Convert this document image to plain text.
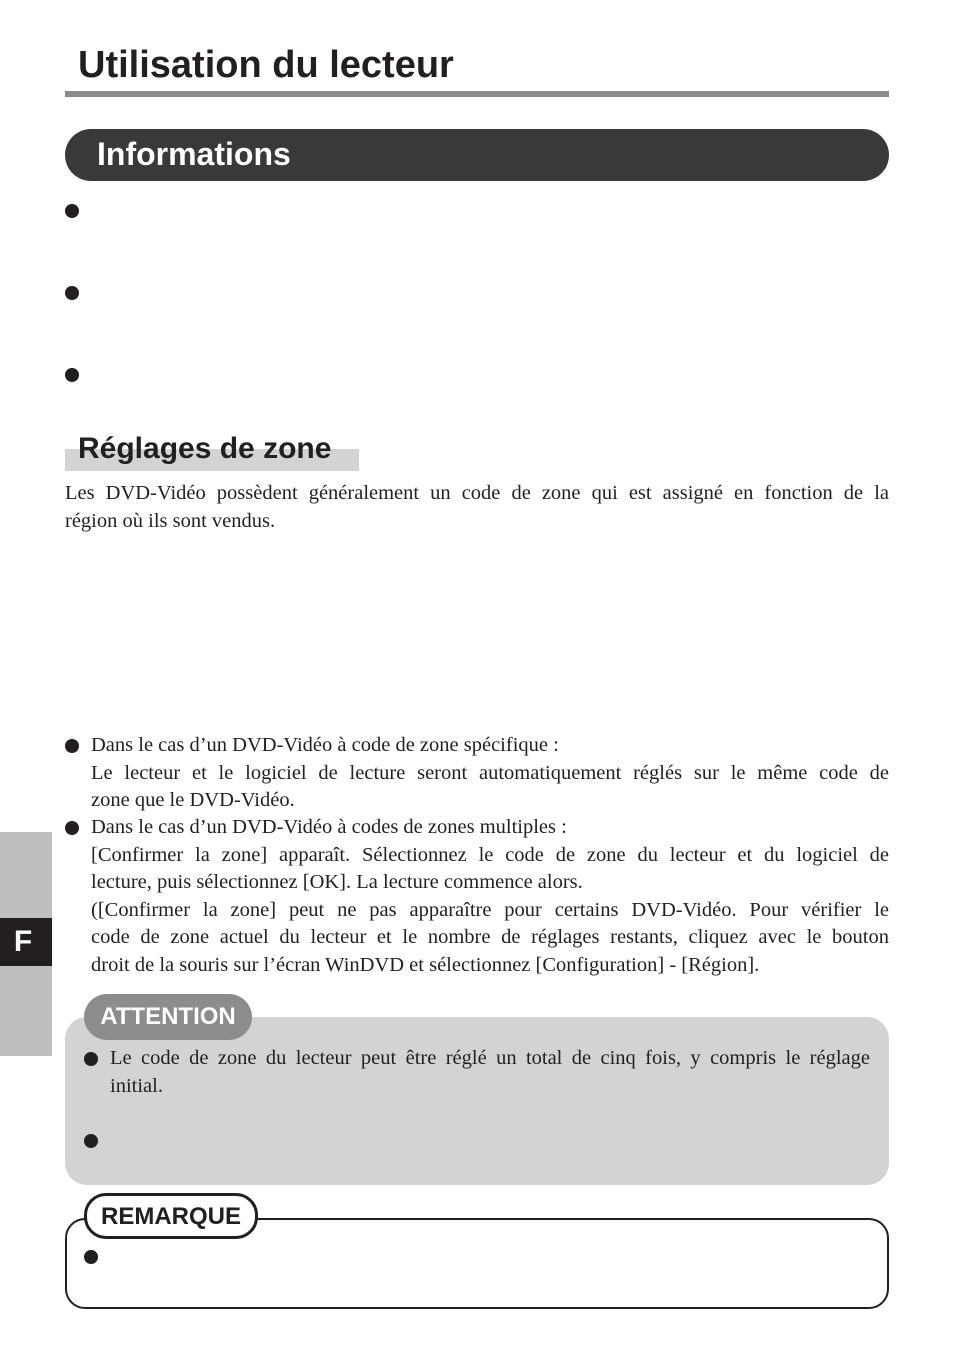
Utilisation du lecteur
Informations
Réglages de zone
Les DVD-Vidéo possèdent généralement un code de zone qui est assigné en fonction de la
région où ils sont vendus.
Dans le cas d’un DVD-Vidéo à code de zone spécifique :
Le lecteur et le logiciel de lecture seront automatiquement réglés sur le même code de
zone que le DVD-Vidéo.
Dans le cas d’un DVD-Vidéo à codes de zones multiples :
[Confirmer la zone] apparaît. Sélectionnez le code de zone du lecteur et du logiciel de
lecture, puis sélectionnez [OK]. La lecture commence alors.
([Confirmer la zone] peut ne pas apparaître pour certains DVD-Vidéo. Pour vérifier le
code de zone actuel du lecteur et le nombre de réglages restants, cliquez avec le bouton
droit de la souris sur l’écran WinDVD et sélectionnez [Configuration] - [Région].
F
ATTENTION
Le code de zone du lecteur peut être réglé un total de cinq fois, y compris le réglage
initial.
REMARQUE
